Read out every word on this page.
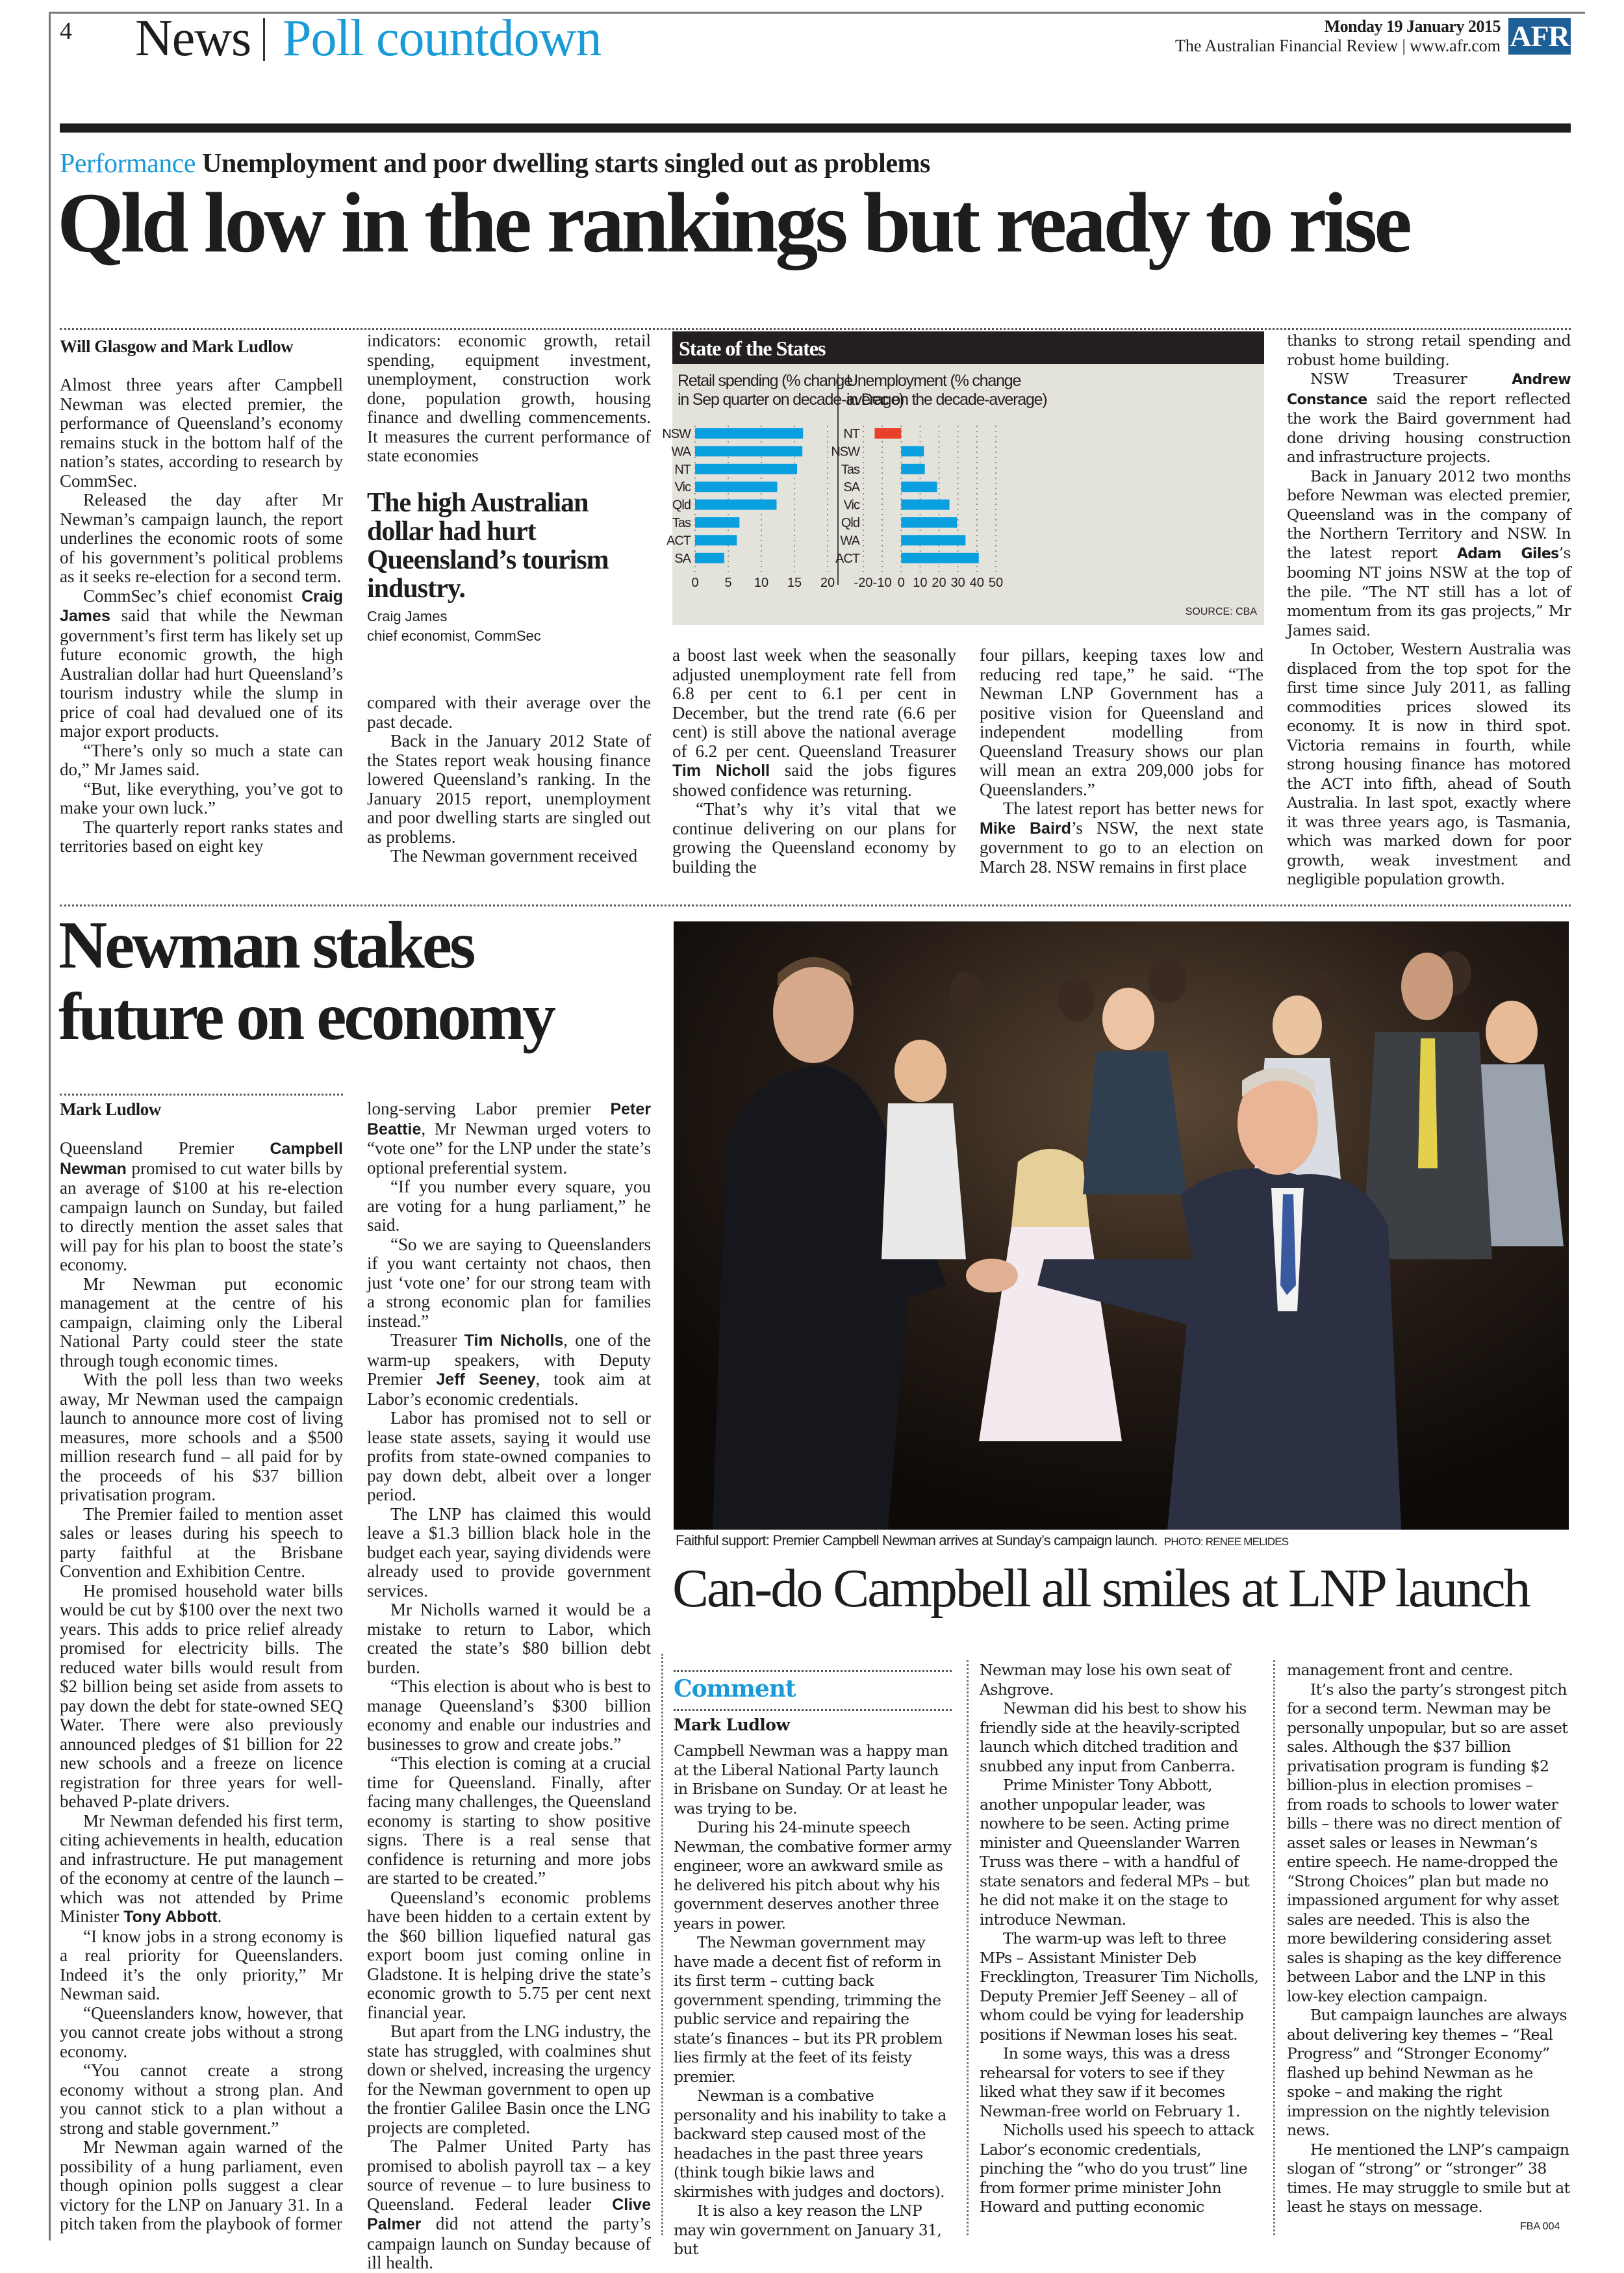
4 News Poll countdown	Monday 19 January 2015
The Australian Financial Review | www.afr.com AFR
Performance Unemployment and poor dwelling starts singled out as problems
Qld low in the rankings but ready to rise
Will Glasgow and Mark Ludlow

Almost three years after Campbell Newman was elected premier, the performance of Queensland’s economy remains stuck in the bottom half of the nation’s states, according to research by CommSec.

Released the day after Mr Newman’s campaign launch, the report underlines the economic roots of some of his government’s political problems as it seeks re-election for a second term.

CommSec’s chief economist Craig James said that while the Newman government’s first term has likely set up future economic growth, the high Australian dollar had hurt Queensland’s tourism industry while the slump in price of coal had devalued one of its major export products.

“There’s only so much a state can do,” Mr James said.

“But, like everything, you’ve got to make your own luck.”

The quarterly report ranks states and territories based on eight key

indicators: economic growth, retail spending, equipment investment, unemployment, construction work done, population growth, housing finance and dwelling commencements. It measures the current performance of state economies

The high Australian dollar had hurt Queensland’s tourism industry.
Craig James
chief economist, CommSec

compared with their average over the past decade.

Back in the January 2012 State of the States report weak housing finance lowered Queensland’s ranking. In the January 2015 report, unemployment and poor dwelling starts are singled out as problems.

The Newman government received

State of the States
Retail spending (% change
in Sep quarter on decade-average)
0 5 10 15 20
NSW
WA
NT
Vic
Qld
Tas
ACT
SA
Unemployment (% change
in Dec on the decade-average)
-20 -10 0 10 20 30 40 50
NT
NSW
Tas
SA
Vic
Qld
WA
ACT
SOURCE: CBA

a boost last week when the seasonally adjusted unemployment rate fell from 6.8 per cent to 6.1 per cent in December, but the trend rate (6.6 per cent) is still above the national average of 6.2 per cent. Queensland Treasurer Tim Nicholl said the jobs figures showed confidence was returning.

“That’s why it’s vital that we continue delivering on our plans for growing the Queensland economy by building the

four pillars, keeping taxes low and reducing red tape,” he said. “The Newman LNP Government has a positive vision for Queensland and independent modelling from Queensland Treasury shows our plan will mean an extra 209,000 jobs for Queenslanders.”

The latest report has better news for Mike Baird’s NSW, the next state government to go to an election on March 28. NSW remains in first place

thanks to strong retail spending and robust home building.

NSW Treasurer Andrew Constance said the report reflected the work the Baird government had done driving housing construction and infrastructure projects.

Back in January 2012 two months before Newman was elected premier, Queensland was in the company of the Northern Territory and NSW. In the latest report Adam Giles’s booming NT joins NSW at the top of the pile. “The NT still has a lot of momentum from its gas projects,” Mr James said.

In October, Western Australia was displaced from the top spot for the first time since July 2011, as falling commodities prices slowed its economy. It is now in third spot. Victoria remains in fourth, while strong housing finance has motored the ACT into fifth, ahead of South Australia. In last spot, exactly where it was three years ago, is Tasmania, which was marked down for poor growth, weak investment and negligible population growth.

Newman stakes
future on economy
Mark Ludlow

Queensland Premier Campbell Newman promised to cut water bills by an average of $100 at his re-election campaign launch on Sunday, but failed to directly mention the asset sales that will pay for his plan to boost the state’s economy.

Mr Newman put economic management at the centre of his campaign, claiming only the Liberal National Party could steer the state through tough economic times.

With the poll less than two weeks away, Mr Newman used the campaign launch to announce more cost of living measures, more schools and a $500 million research fund – all paid for by the proceeds of his $37 billion privatisation program.

The Premier failed to mention asset sales or leases during his speech to party faithful at the Brisbane Convention and Exhibition Centre.

He promised household water bills would be cut by $100 over the next two years. This adds to price relief already promised for electricity bills. The reduced water bills would result from $2 billion being set aside from assets to pay down the debt for state-owned SEQ Water. There were also previously announced pledges of $1 billion for 22 new schools and a freeze on licence registration for three years for well-behaved P-plate drivers.

Mr Newman defended his first term, citing achievements in health, education and infrastructure. He put management of the economy at centre of the launch – which was not attended by Prime Minister Tony Abbott.

“I know jobs in a strong economy is a real priority for Queenslanders. Indeed it’s the only priority,” Mr Newman said.

“Queenslanders know, however, that you cannot create jobs without a strong economy.

“You cannot create a strong economy without a strong plan. And you cannot stick to a plan without a strong and stable government.”

Mr Newman again warned of the possibility of a hung parliament, even though opinion polls suggest a clear victory for the LNP on January 31. In a pitch taken from the playbook of former

long-serving Labor premier Peter Beattie, Mr Newman urged voters to “vote one” for the LNP under the state’s optional preferential system.

“If you number every square, you are voting for a hung parliament,” he said.

“So we are saying to Queenslanders if you want certainty not chaos, then just ‘vote one’ for our strong team with a strong economic plan for families instead.”

Treasurer Tim Nicholls, one of the warm-up speakers, with Deputy Premier Jeff Seeney, took aim at Labor’s economic credentials.

Labor has promised not to sell or lease state assets, saying it would use profits from state-owned companies to pay down debt, albeit over a longer period.

The LNP has claimed this would leave a $1.3 billion black hole in the budget each year, saying dividends were already used to provide government services.

Mr Nicholls warned it would be a mistake to return to Labor, which created the state’s $80 billion debt burden.

“This election is about who is best to manage Queensland’s $300 billion economy and enable our industries and businesses to grow and create jobs.”

“This election is coming at a crucial time for Queensland. Finally, after facing many challenges, the Queensland economy is starting to show positive signs. There is a real sense that confidence is returning and more jobs are started to be created.”

Queensland’s economic problems have been hidden to a certain extent by the $60 billion liquefied natural gas export boom just coming online in Gladstone. It is helping drive the state’s economic growth to 5.75 per cent next financial year.

But apart from the LNG industry, the state has struggled, with coalmines shut down or shelved, increasing the urgency for the Newman government to open up the frontier Galilee Basin once the LNG projects are completed.

The Palmer United Party has promised to abolish payroll tax – a key source of revenue – to lure business to Queensland. Federal leader Clive Palmer did not attend the party’s campaign launch on Sunday because of ill health.

Faithful support: Premier Campbell Newman arrives at Sunday’s campaign launch. PHOTO: RENEE MELIDES
Can-do Campbell all smiles at LNP launch
Comment
Mark Ludlow

Campbell Newman was a happy man at the Liberal National Party launch in Brisbane on Sunday. Or at least he was trying to be.

During his 24-minute speech Newman, the combative former army engineer, wore an awkward smile as he delivered his pitch about why his government deserves another three years in power.

The Newman government may have made a decent fist of reform in its first term – cutting back government spending, trimming the public service and repairing the state’s finances – but its PR problem lies firmly at the feet of its feisty premier.

Newman is a combative personality and his inability to take a backward step caused most of the headaches in the past three years (think tough bikie laws and skirmishes with judges and doctors).

It is also a key reason the LNP may win government on January 31, but

Newman may lose his own seat of Ashgrove.

Newman did his best to show his friendly side at the heavily-scripted launch which ditched tradition and snubbed any input from Canberra.

Prime Minister Tony Abbott, another unpopular leader, was nowhere to be seen. Acting prime minister and Queenslander Warren Truss was there – with a handful of state senators and federal MPs – but he did not make it on the stage to introduce Newman.

The warm-up was left to three MPs – Assistant Minister Deb Frecklington, Treasurer Tim Nicholls, Deputy Premier Jeff Seeney – all of whom could be vying for leadership positions if Newman loses his seat.

In some ways, this was a dress rehearsal for voters to see if they liked what they saw if it becomes Newman-free world on February 1.

Nicholls used his speech to attack Labor’s economic credentials, pinching the “who do you trust” line from former prime minister John Howard and putting economic

management front and centre.

It’s also the party’s strongest pitch for a second term. Newman may be personally unpopular, but so are asset sales. Although the $37 billion privatisation program is funding $2 billion-plus in election promises – from roads to schools to lower water bills – there was no direct mention of asset sales or leases in Newman’s entire speech. He name-dropped the “Strong Choices” plan but made no impassioned argument for why asset sales are needed. This is also the more bewildering considering asset sales is shaping as the key difference between Labor and the LNP in this low-key election campaign.

But campaign launches are always about delivering key themes – “Real Progress” and “Stronger Economy” flashed up behind Newman as he spoke – and making the right impression on the nightly television news.

He mentioned the LNP’s campaign slogan of “strong” or “stronger” 38 times. He may struggle to smile but at least he stays on message.

FBA 004
